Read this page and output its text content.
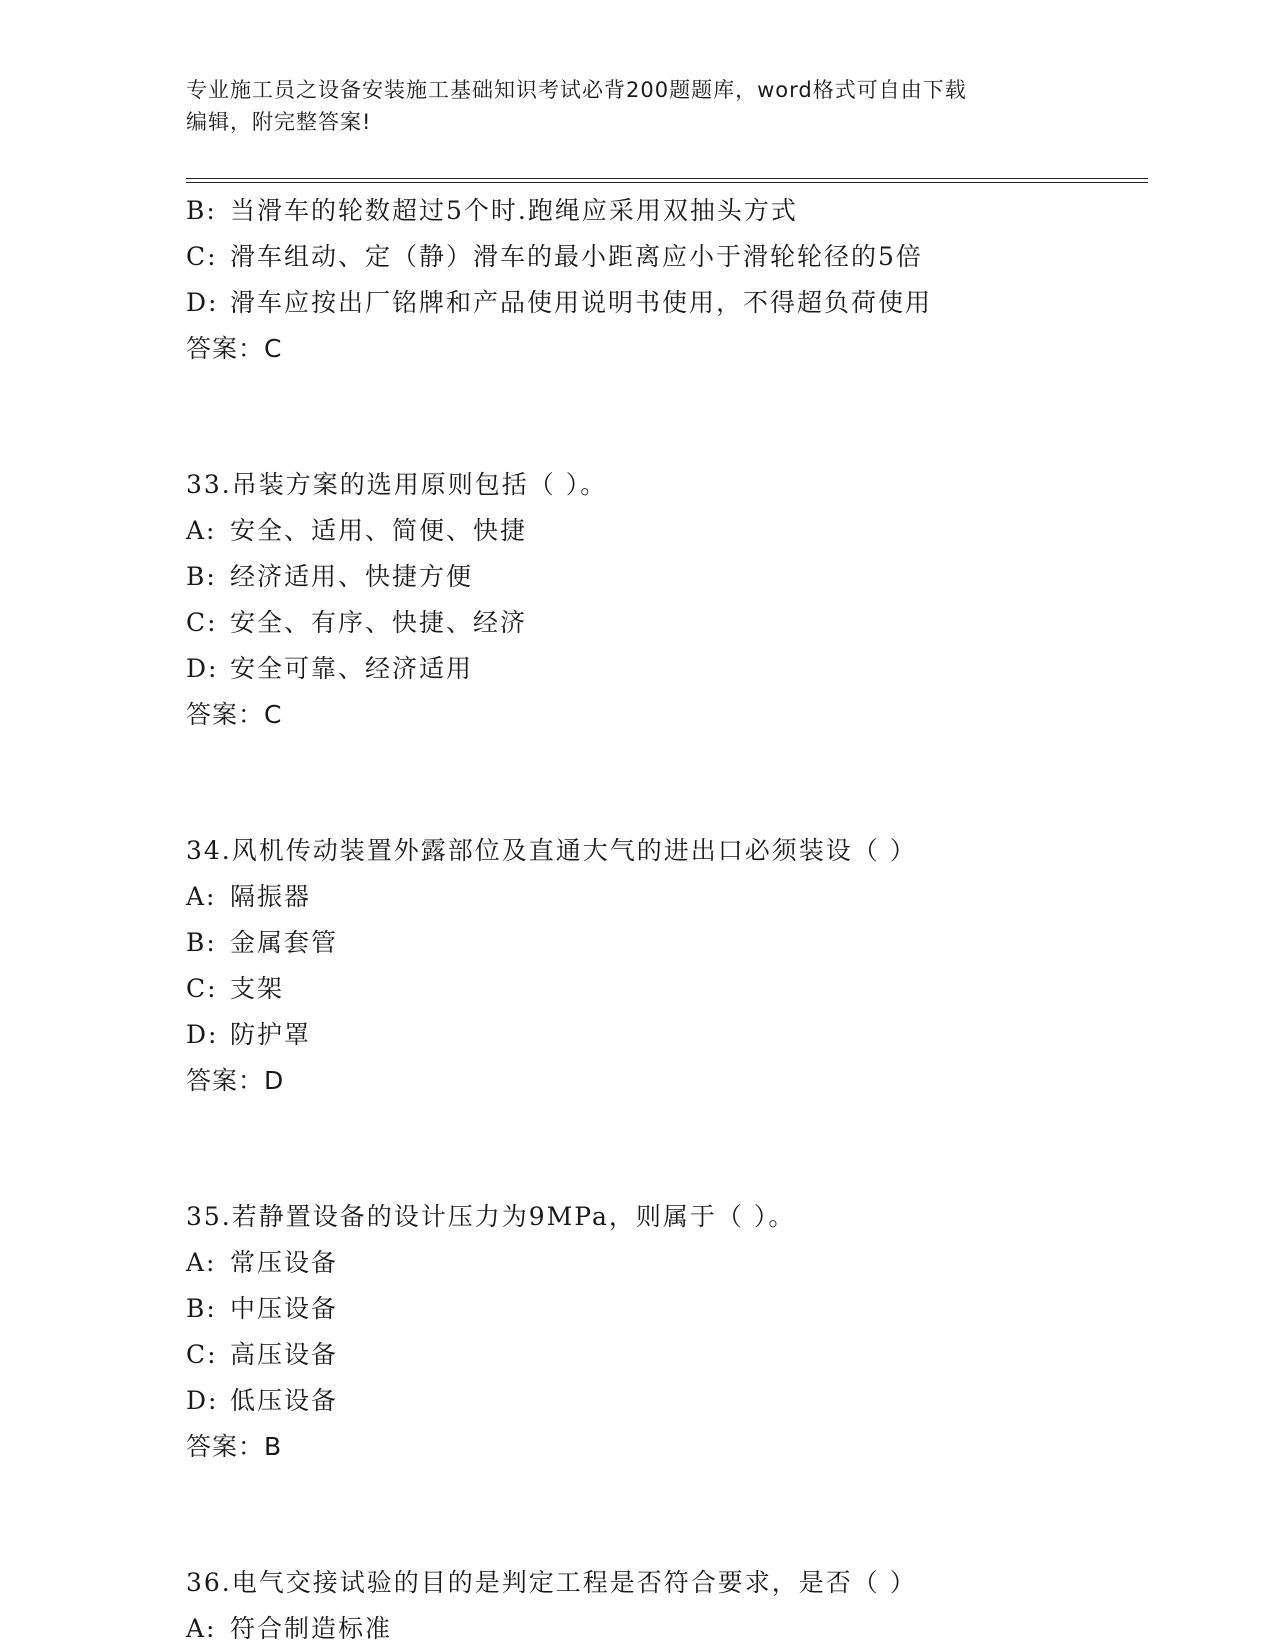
专业施工员之设备安装施工基础知识考试必背200题题库，word格式可自由下载
编辑，附完整答案!
B: 当滑车的轮数超过5个时.跑绳应采用双抽头方式
C: 滑车组动、定（静）滑车的最小距离应小于滑轮轮径的5倍
D: 滑车应按出厂铭牌和产品使用说明书使用，不得超负荷使用
答案：C
33.吊装方案的选用原则包括（ ）。
A: 安全、适用、简便、快捷
B: 经济适用、快捷方便
C: 安全、有序、快捷、经济
D: 安全可靠、经济适用
答案：C
34.风机传动装置外露部位及直通大气的进出口必须装设（ ）
A: 隔振器
B: 金属套管
C: 支架
D: 防护罩
答案：D
35.若静置设备的设计压力为9MPa，则属于（ ）。
A: 常压设备
B: 中压设备
C: 高压设备
D: 低压设备
答案：B
36.电气交接试验的目的是判定工程是否符合要求，是否（ ）
A: 符合制造标准
